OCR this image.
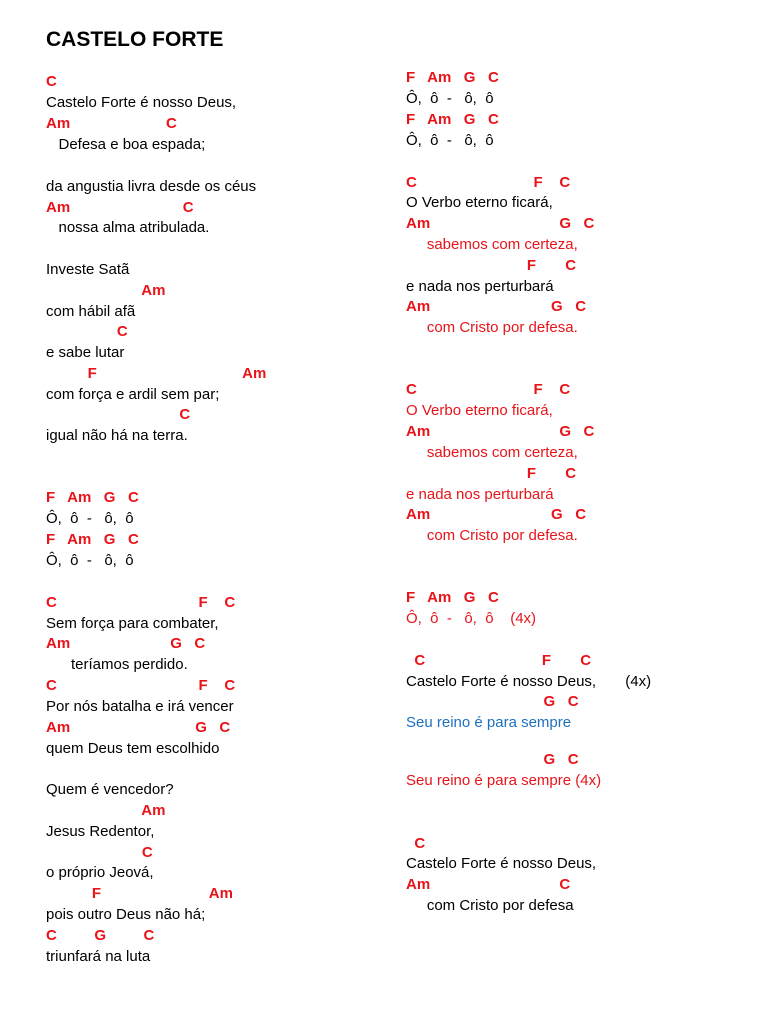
CASTELO FORTE
C
Castelo Forte é nosso Deus,
Am                       C
Defesa e boa espada;
da angustia livra desde os céus
Am                           C
nossa alma atribulada.
Investe Satã
Am
com hábil afã
C
e sabe lutar
F                                   Am
com força e ardil sem par;
C
igual não há na terra.
F   Am   G   C
Ô,  ô  -   ô,  ô
F   Am   G   C
Ô,  ô  -   ô,  ô
C                                  F    C
Sem força para combater,
Am                        G   C
teríamos perdido.
C                                  F    C
Por nós batalha e irá vencer
Am                              G   C
quem Deus tem escolhido
Quem é vencedor?
Am
Jesus Redentor,
C
o próprio Jeová,
F                          Am
pois outro Deus não há;
C         G         C
triunfará na luta
F   Am   G   C
Ô,  ô  -   ô,  ô
F   Am   G   C
Ô,  ô  -   ô,  ô
C                            F    C
O Verbo eterno ficará,
Am                               G   C
sabemos com certeza,
F       C
e nada nos perturbará
Am                             G   C
com Cristo por defesa.
C                            F    C
O Verbo eterno ficará,
Am                               G   C
sabemos com certeza,
F       C
e nada nos perturbará
Am                             G   C
com Cristo por defesa.
F   Am   G   C
Ô,  ô  -   ô,  ô    (4x)
C                            F       C
Castelo Forte é nosso Deus,       (4x)
G   C
Seu reino é para sempre
G   C
Seu reino é para sempre (4x)
C
Castelo Forte é nosso Deus,
Am                               C
com Cristo por defesa
